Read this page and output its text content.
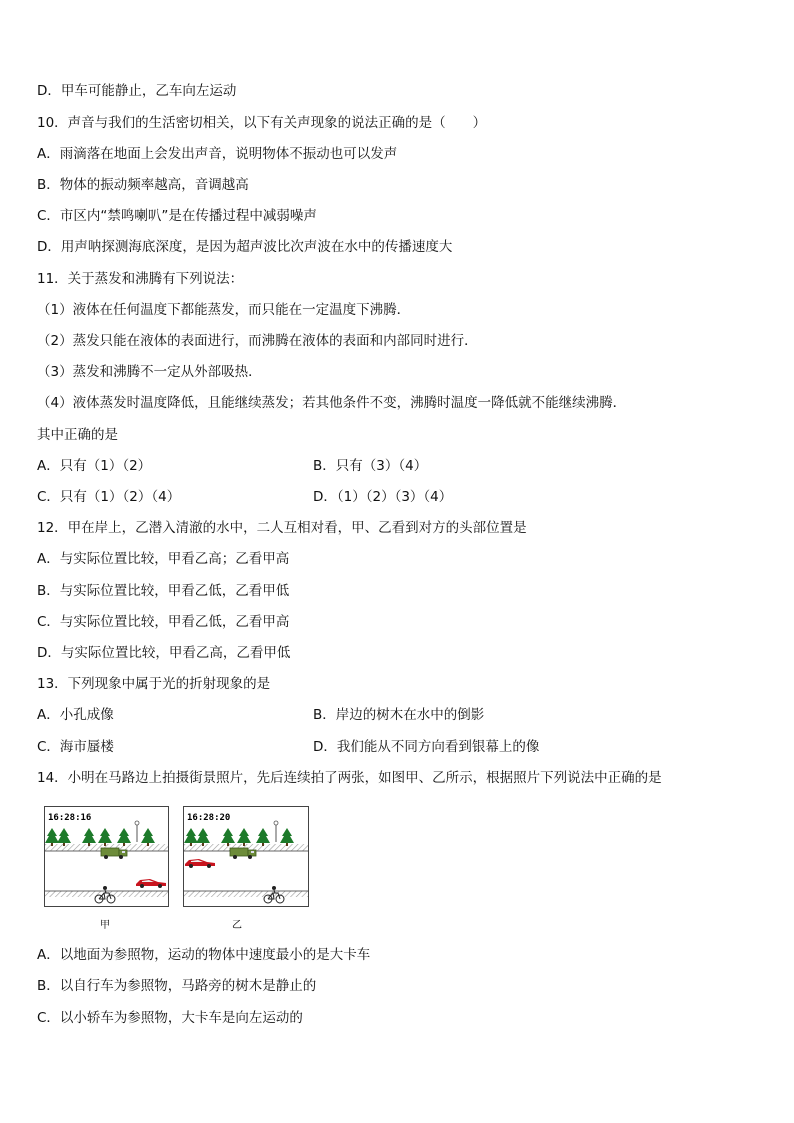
D．甲车可能静止，乙车向左运动
10．声音与我们的生活密切相关，以下有关声现象的说法正确的是（　　）
A．雨滴落在地面上会发出声音，说明物体不振动也可以发声
B．物体的振动频率越高，音调越高
C．市区内“禁鸣喇叭”是在传播过程中减弱噪声
D．用声呐探测海底深度，是因为超声波比次声波在水中的传播速度大
11．关于蒸发和沸腾有下列说法：
（1）液体在任何温度下都能蒸发，而只能在一定温度下沸腾．
（2）蒸发只能在液体的表面进行，而沸腾在液体的表面和内部同时进行．
（3）蒸发和沸腾不一定从外部吸热．
（4）液体蒸发时温度降低，且能继续蒸发；若其他条件不变，沸腾时温度一降低就不能继续沸腾．
其中正确的是
A．只有（1）（2）	B．只有（3）（4）
C．只有（1）（2）（4）	D．（1）（2）（3）（4）
12．甲在岸上，乙潜入清澈的水中，二人互相对看，甲、乙看到对方的头部位置是
A．与实际位置比较，甲看乙高；乙看甲高
B．与实际位置比较，甲看乙低，乙看甲低
C．与实际位置比较，甲看乙低，乙看甲高
D．与实际位置比较，甲看乙高，乙看甲低
13．下列现象中属于光的折射现象的是
A．小孔成像	B．岸边的树木在水中的倒影
C．海市蜃楼	D．我们能从不同方向看到银幕上的像
14．小明在马路边上拍摄街景照片，先后连续拍了两张，如图甲、乙所示，根据照片下列说法中正确的是
16:28:16
甲
16:28:20
乙
A．以地面为参照物，运动的物体中速度最小的是大卡车
B．以自行车为参照物，马路旁的树木是静止的
C．以小轿车为参照物，大卡车是向左运动的
